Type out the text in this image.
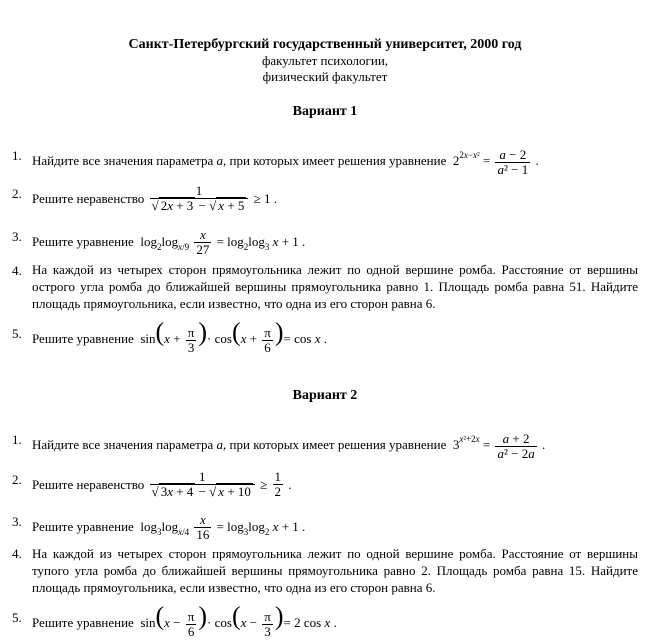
Санкт-Петербургский государственный университет, 2000 год
факультет психологии,
физический факультет
Вариант 1
1. Найдите все значения параметра a, при которых имеет решения уравнение  $2^{2x-x^2} = \frac{a - 2}{\text{a² − 1}}$ .
2. Решите неравенство $\frac{1}{√ 2x + 3 - √ x + 5} \ge 1$ .
3. Решите уравнение  $\log_2\log_{x/9} \frac{x}{27} = \log_2\log_3$ x + 1 .
4. На каждой из четырех сторон прямоугольника лежит по одной вершине ромба. Расстояние от вершины острого угла ромба до ближайшей вершины прямоугольника равно 1. Площадь ромба равна 51. Найдите площадь прямоугольника, если известно, что одна из его сторон равна 6.
5. Решите уравнение  $\sin(x + \frac{\pi}{3}$ )· $\cos(x + \frac{\pi}{6}$ )= cos x .
Вариант 2
1. Найдите все значения параметра a, при которых имеет решения уравнение  $3^{x^2+2x} = \frac{a + 2}{\text{a² − 2a}}$ .
2. Решите неравенство $\frac{1}{√ 3x + 4 - √ x + 10} \ge \frac{1}{2}$ .
3. Решите уравнение  $\log_3\log_{x/4} \frac{x}{16} = \log_3\log_2$ x + 1 .
4. На каждой из четырех сторон прямоугольника лежит по одной вершине ромба. Расстояние от вершины тупого угла ромба до ближайшей вершины прямоугольника равно 2. Площадь ромба равна 15. Найдите площадь прямоугольника, если известно, что одна из его сторон равна 6.
5. Решите уравнение  $\sin(x - \frac{\pi}{6}$ )· $\cos(x - \frac{\pi}{3}$ )= 2 cos x .
